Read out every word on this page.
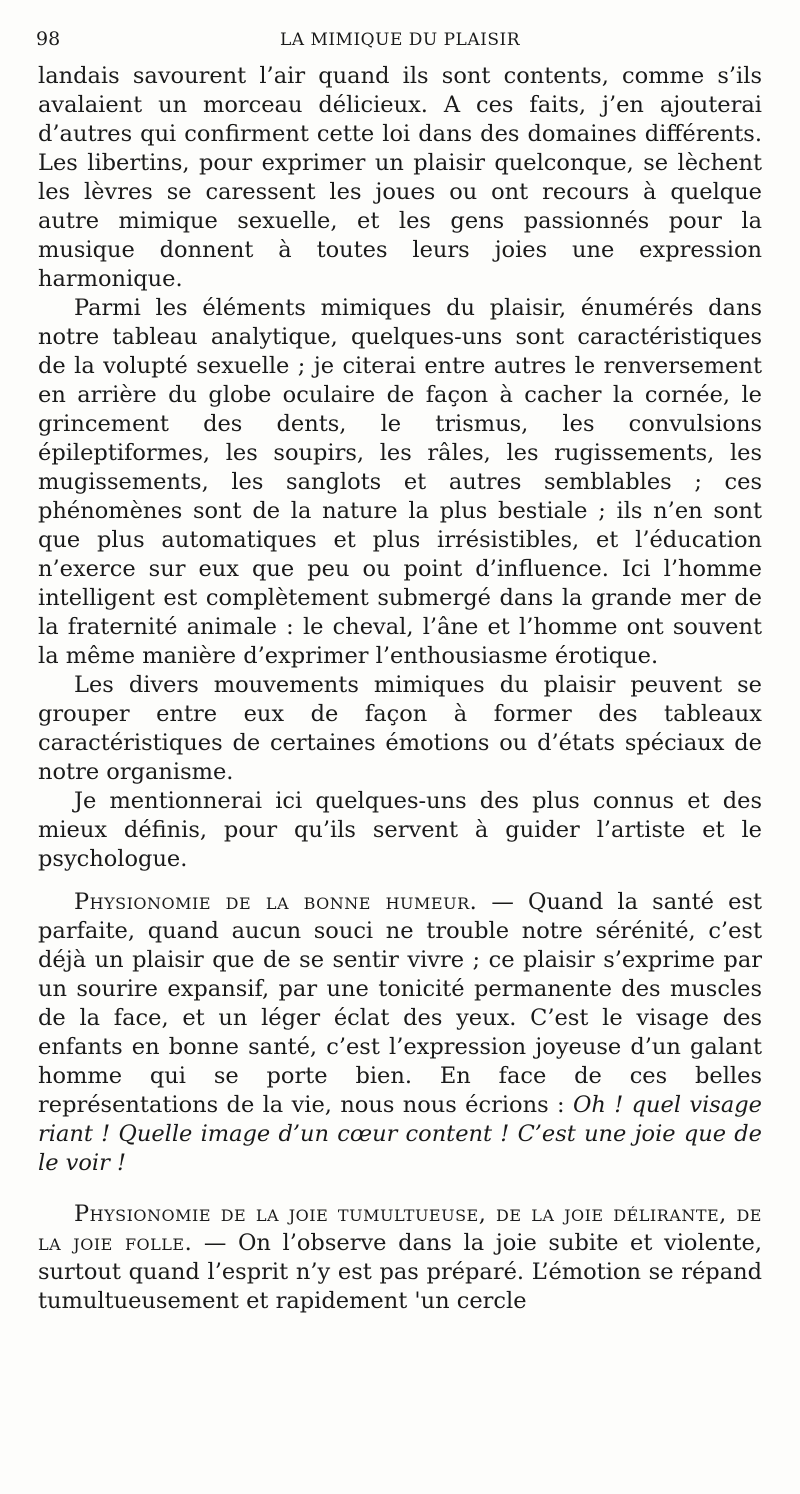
98	LA MIMIQUE DU PLAISIR

landais savourent l’air quand ils sont contents, comme s’ils avalaient un morceau délicieux. A ces faits, j’en ajouterai d’autres qui confirment cette loi dans des domaines différents. Les libertins, pour exprimer un plaisir quelconque, se lèchent les lèvres se caressent les joues ou ont recours à quelque autre mimique sexuelle, et les gens passionnés pour la musique donnent à toutes leurs joies une expression harmonique.

Parmi les éléments mimiques du plaisir, énumérés dans notre tableau analytique, quelques-uns sont caractéristiques de la volupté sexuelle ; je citerai entre autres le renversement en arrière du globe oculaire de façon à cacher la cornée, le grincement des dents, le trismus, les convulsions épileptiformes, les soupirs, les râles, les rugissements, les mugissements, les sanglots et autres semblables ; ces phénomènes sont de la nature la plus bestiale ; ils n’en sont que plus automatiques et plus irrésistibles, et l’éducation n’exerce sur eux que peu ou point d’influence. Ici l’homme intelligent est complètement submergé dans la grande mer de la fraternité animale : le cheval, l’âne et l’homme ont souvent la même manière d’exprimer l’enthousiasme érotique.

Les divers mouvements mimiques du plaisir peuvent se grouper entre eux de façon à former des tableaux caractéristiques de certaines émotions ou d’états spéciaux de notre organisme.

Je mentionnerai ici quelques-uns des plus connus et des mieux définis, pour qu’ils servent à guider l’artiste et le psychologue.

Physionomie de la bonne humeur. — Quand la santé est parfaite, quand aucun souci ne trouble notre sérénité, c’est déjà un plaisir que de se sentir vivre ; ce plaisir s’exprime par un sourire expansif, par une tonicité permanente des muscles de la face, et un léger éclat des yeux. C’est le visage des enfants en bonne santé, c’est l’expression joyeuse d’un galant homme qui se porte bien. En face de ces belles représentations de la vie, nous nous écrions : Oh ! quel visage riant ! Quelle image d’un cœur content ! C’est une joie que de le voir !

Physionomie de la joie tumultueuse, de la joie délirante, de la joie folle. — On l’observe dans la joie subite et violente, surtout quand l’esprit n’y est pas préparé. L’émotion se répand tumultueusement et rapidement 'un cercle
